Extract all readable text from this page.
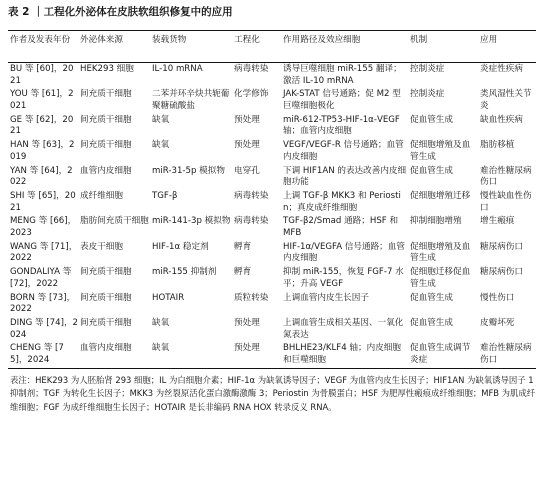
表 2 ｜工程化外泌体在皮肤软组织修复中的应用
作者及发表年份	外泌体来源	装载货物	工程化	作用路径及效应细胞	机制	应用
BU 等 [60]，2021	HEK293 细胞	IL-10 mRNA	病毒转染	诱导巨噬细胞 miR-155 翻译；激活 IL-10 mRNA	控制炎症	炎症性疾病
YOU 等 [61]，2021	间充质干细胞	二苯并环辛炔共轭葡聚糖硫酸盐	化学修饰	JAK-STAT 信号通路；促 M2 型巨噬细胞极化	控制炎症	类风湿性关节炎
GE 等 [62]，2021	间充质干细胞	缺氧	预处理	miR-612-TP53-HIF-1α-VEGF 轴；血管内皮细胞	促血管生成	缺血性疾病
HAN 等 [63]，2019	间充质干细胞	缺氧	预处理	VEGF/VEGF-R 信号通路；血管内皮细胞	促细胞增殖及血管生成	脂肪移植
YAN 等 [64]，2022	血管内皮细胞	miR-31-5p 模拟物	电穿孔	下调 HIF1AN 的表达改善内皮细胞功能	促血管生成	难治性糖尿病伤口
SHI 等 [65]，2021	成纤维细胞	TGF-β	病毒转染	上调 TGF-β MKK3 和 Periostin；真皮成纤维细胞	促细胞增殖迁移	慢性缺血性伤口
MENG 等 [66]，2023	脂肪间充质干细胞	miR-141-3p 模拟物	病毒转染	TGF-β2/Smad 通路；HSF 和 MFB	抑制细胞增殖	增生瘢痕
WANG 等 [71]，2022	表皮干细胞	HIF-1α 稳定剂	孵育	HIF-1α/VEGFA 信号通路；血管内皮细胞	促细胞增殖及血管生成	糖尿病伤口
GONDALIYA 等 [72]，2022	间充质干细胞	miR-155 抑制剂	孵育	抑制 miR-155，恢复 FGF-7 水平；升高 VEGF	促细胞迁移促血管生成	糖尿病伤口
BORN 等 [73]，2022	间充质干细胞	HOTAIR	质粒转染	上调血管内皮生长因子	促血管生成	慢性伤口
DING 等 [74]，2024	间充质干细胞	缺氧	预处理	上调血管生成相关基因、一氧化氮表达	促血管生成	皮瓣坏死
CHENG 等 [75]，2024	血管内皮细胞	缺氧	预处理	BHLHE23/KLF4 轴；内皮细胞和巨噬细胞	促血管生成调节炎症	难治性糖尿病伤口
表注：HEK293 为人胚胎肾 293 细胞；IL 为白细胞介素；HIF-1α 为缺氧诱导因子；VEGF 为血管内皮生长因子；HIF1AN 为缺氧诱导因子 1 抑制剂；TGF 为转化生长因子；MKK3 为丝裂原活化蛋白激酶激酶 3；Periostin 为骨膜蛋白；HSF 为肥厚性瘢痕成纤维细胞；MFB 为肌成纤维细胞；FGF 为成纤维细胞生长因子；HOTAIR 是长非编码 RNA HOX 转录反义 RNA。
